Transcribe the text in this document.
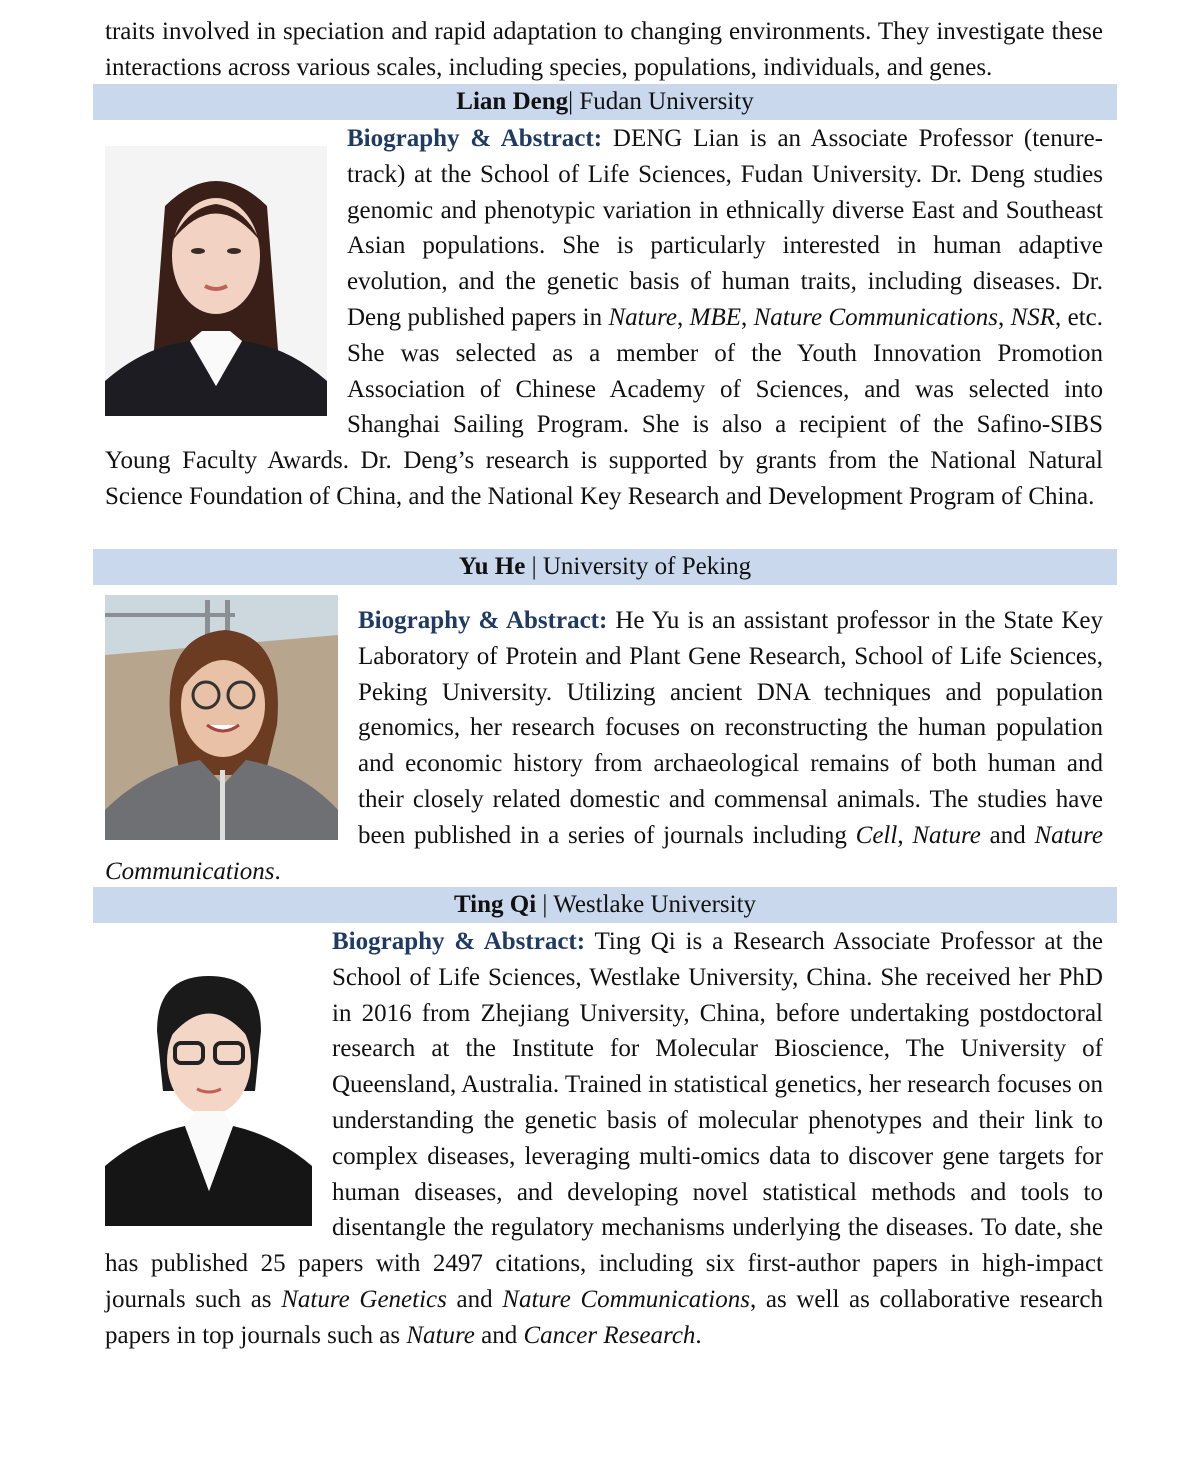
traits involved in speciation and rapid adaptation to changing environments. They investigate these interactions across various scales, including species, populations, individuals, and genes.

Lian Deng| Fudan University
Biography & Abstract: DENG Lian is an Associate Professor (tenure-track) at the School of Life Sciences, Fudan University. Dr. Deng studies genomic and phenotypic variation in ethnically diverse East and Southeast Asian populations. She is particularly interested in human adaptive evolution, and the genetic basis of human traits, including diseases. Dr. Deng published papers in Nature, MBE, Nature Communications, NSR, etc. She was selected as a member of the Youth Innovation Promotion Association of Chinese Academy of Sciences, and was selected into Shanghai Sailing Program. She is also a recipient of the Safino-SIBS Young Faculty Awards. Dr. Deng’s research is supported by grants from the National Natural Science Foundation of China, and the National Key Research and Development Program of China.
Yu He | University of Peking
Biography & Abstract: He Yu is an assistant professor in the State Key Laboratory of Protein and Plant Gene Research, School of Life Sciences, Peking University. Utilizing ancient DNA techniques and population genomics, her research focuses on reconstructing the human population and economic history from archaeological remains of both human and their closely related domestic and commensal animals. The studies have been published in a series of journals including Cell, Nature and Nature Communications.
Ting Qi | Westlake University
Biography & Abstract: Ting Qi is a Research Associate Professor at the School of Life Sciences, Westlake University, China. She received her PhD in 2016 from Zhejiang University, China, before undertaking postdoctoral research at the Institute for Molecular Bioscience, The University of Queensland, Australia. Trained in statistical genetics, her research focuses on understanding the genetic basis of molecular phenotypes and their link to complex diseases, leveraging multi-omics data to discover gene targets for human diseases, and developing novel statistical methods and tools to disentangle the regulatory mechanisms underlying the diseases. To date, she has published 25 papers with 2497 citations, including six first-author papers in high-impact journals such as Nature Genetics and Nature Communications, as well as collaborative research papers in top journals such as Nature and Cancer Research.
